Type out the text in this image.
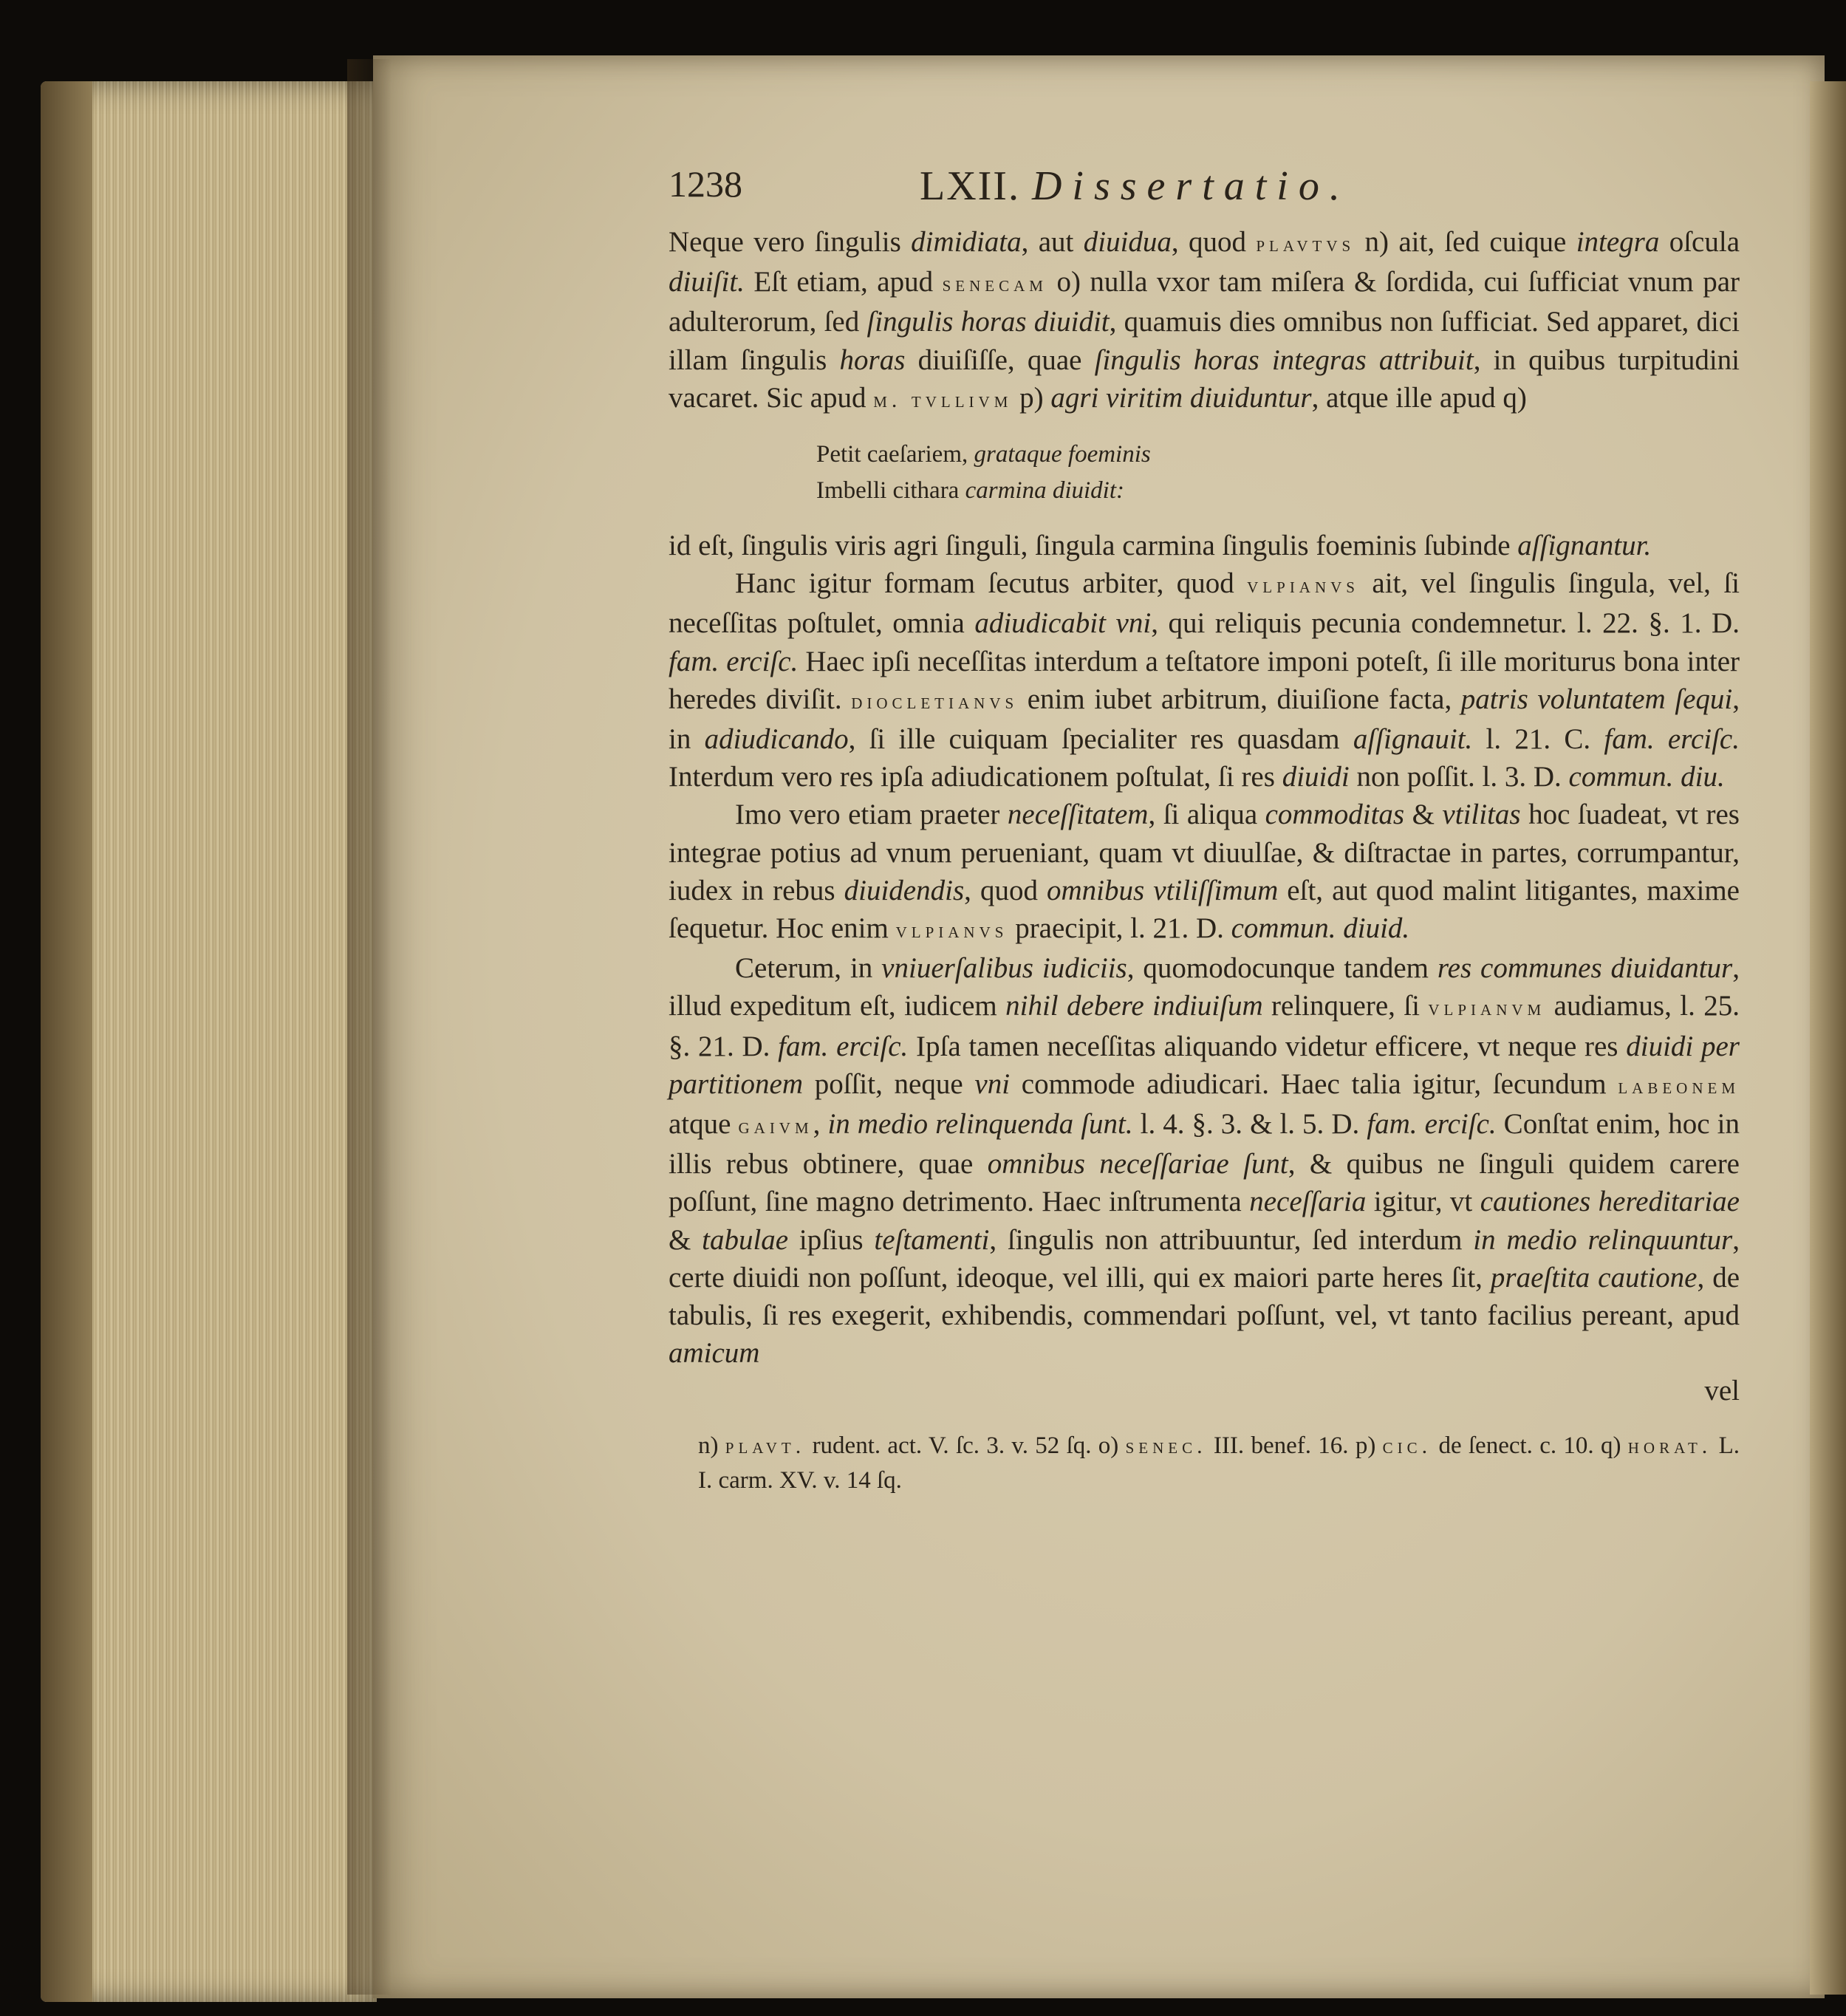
1238	LXII. Dissertatio.

Neque vero ſingulis dimidiata, aut diuidua, quod plavtvs n) ait, ſed cuique integra oſcula diuiſit. Eſt etiam, apud senecam o) nulla vxor tam miſera & ſordida, cui ſufficiat vnum par adulterorum, ſed ſingulis horas diuidit, quamuis dies omnibus non ſufficiat. Sed apparet, dici illam ſingulis horas diuiſiſſe, quae ſingulis horas integras attribuit, in quibus turpitudini vacaret. Sic apud m. tvllivm p) agri viritim diuiduntur, atque ille apud q)

Petit caeſariem, grataque foeminis
Imbelli cithara carmina diuidit:

id eſt, ſingulis viris agri ſinguli, ſingula carmina ſingulis foeminis ſubinde aſſignantur.

Hanc igitur formam ſecutus arbiter, quod vlpianvs ait, vel ſingulis ſingula, vel, ſi neceſſitas poſtulet, omnia adiudicabit vni, qui reliquis pecunia condemnetur. l. 22. §. 1. D. fam. erciſc. Haec ipſi neceſſitas interdum a teſtatore imponi poteſt, ſi ille moriturus bona inter heredes diviſit. diocletianvs enim iubet arbitrum, diuiſione facta, patris voluntatem ſequi, in adiudicando, ſi ille cuiquam ſpecialiter res quasdam aſſignauit. l. 21. C. fam. erciſc. Interdum vero res ipſa adiudicationem poſtulat, ſi res diuidi non poſſit. l. 3. D. commun. diu.

Imo vero etiam praeter neceſſitatem, ſi aliqua commoditas & vtilitas hoc ſuadeat, vt res integrae potius ad vnum perueniant, quam vt diuulſae, & diſtractae in partes, corrumpantur, iudex in rebus diuidendis, quod omnibus vtiliſſimum eſt, aut quod malint litigantes, maxime ſequetur. Hoc enim vlpianvs praecipit, l. 21. D. commun. diuid.

Ceterum, in vniuerſalibus iudiciis, quomodocunque tandem res communes diuidantur, illud expeditum eſt, iudicem nihil debere indiuiſum relinquere, ſi vlpianvm audiamus, l. 25. §. 21. D. fam. erciſc. Ipſa tamen neceſſitas aliquando videtur efficere, vt neque res diuidi per partitionem poſſit, neque vni commode adiudicari. Haec talia igitur, ſecundum labeonem atque gaivm, in medio relinquenda ſunt. l. 4. §. 3. & l. 5. D. fam. erciſc. Conſtat enim, hoc in illis rebus obtinere, quae omnibus neceſſariae ſunt, & quibus ne ſinguli quidem carere poſſunt, ſine magno detrimento. Haec inſtrumenta neceſſaria igitur, vt cautiones hereditariae & tabulae ipſius teſtamenti, ſingulis non attribuuntur, ſed interdum in medio relinquuntur, certe diuidi non poſſunt, ideoque, vel illi, qui ex maiori parte heres ſit, praeſtita cautione, de tabulis, ſi res exegerit, exhibendis, commendari poſſunt, vel, vt tanto facilius pereant, apud amicum

vel

n) plavt. rudent. act. V. ſc. 3. v. 52 ſq. o) senec. III. benef. 16. p) cic. de ſenect. c. 10. q) horat. L. I. carm. XV. v. 14 ſq.
